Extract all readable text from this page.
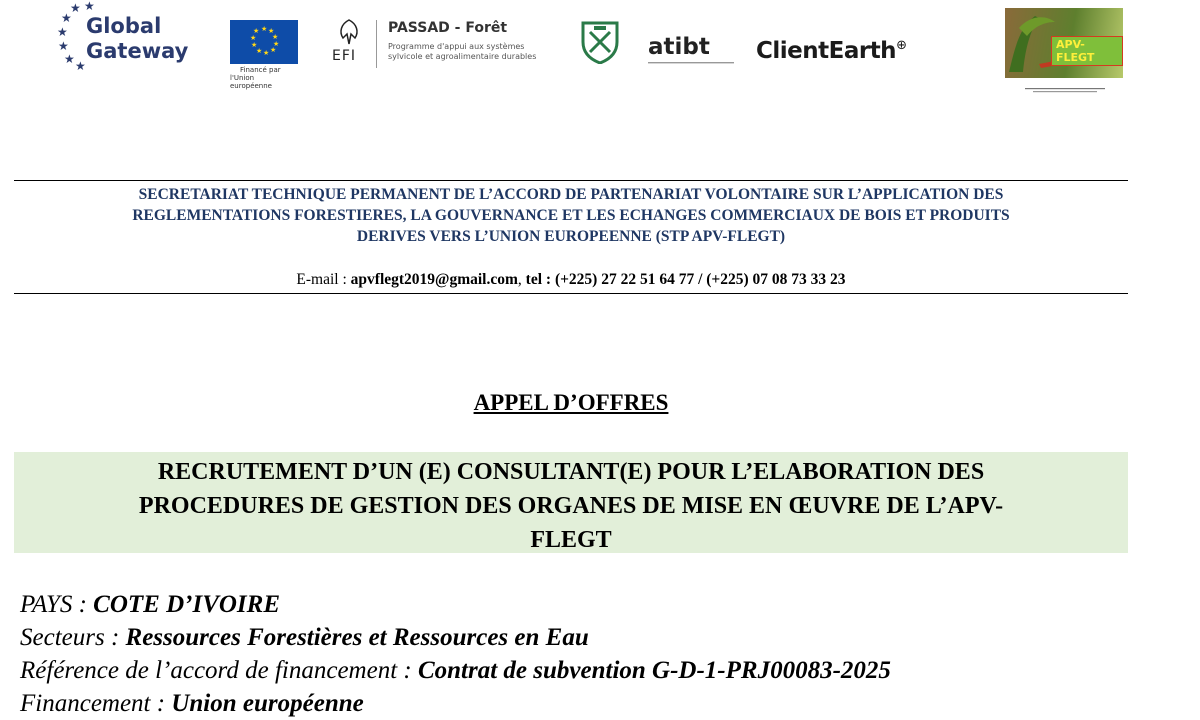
★
★
★
★
★ ★
★
Global
Gateway
★ ★
★
★
★
★
★
★
★
★
Financé par
l'Union européenne
EFI
PASSAD - Forêt
Programme d'appui aux systèmes
sylvicole et agroalimentaire durables	atibt	ClientEarth⊕	APV-FLEGT
SECRETARIAT TECHNIQUE PERMANENT DE L’ACCORD DE PARTENARIAT VOLONTAIRE SUR L’APPLICATION DES
REGLEMENTATIONS FORESTIERES, LA GOUVERNANCE ET LES ECHANGES COMMERCIAUX DE BOIS ET PRODUITS
DERIVES VERS L’UNION EUROPEENNE (STP APV-FLEGT)
E-mail : apvflegt2019@gmail.com, tel : (+225) 27 22 51 64 77 / (+225) 07 08 73 33 23
APPEL D’OFFRES
RECRUTEMENT D’UN (E) CONSULTANT(E) POUR L’ELABORATION DES
PROCEDURES DE GESTION DES ORGANES DE MISE EN ŒUVRE DE L’APV-
FLEGT
PAYS : COTE D’IVOIRE
Secteurs : Ressources Forestières et Ressources en Eau
Référence de l’accord de financement : Contrat de subvention G-D-1-PRJ00083-2025
Financement : Union européenne
